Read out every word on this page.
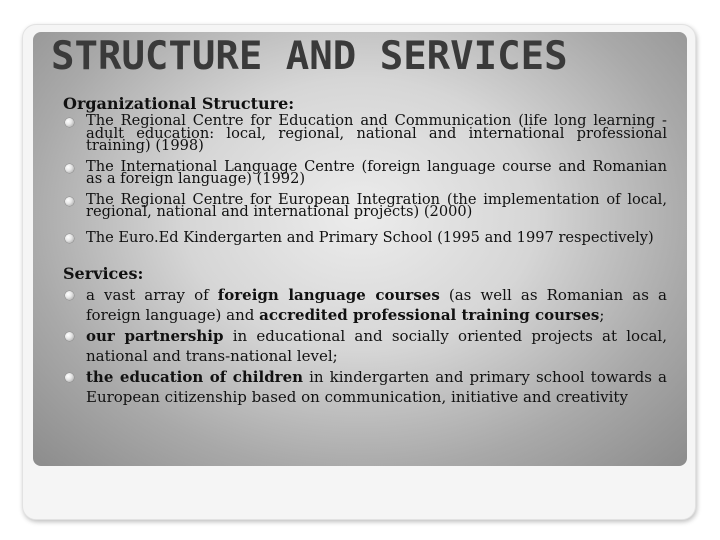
STRUCTURE AND SERVICES
Organizational Structure:
The Regional Centre for Education and Communication (life long learning - adult education: local, regional, national and international professional training) (1998)
The International Language Centre (foreign language course and Romanian as a foreign language) (1992)
The Regional Centre for European Integration (the implementation of local, regional, national and international projects) (2000)
The Euro.Ed Kindergarten and Primary School (1995 and 1997 respectively)
Services:
a vast array of foreign language courses (as well as Romanian as a foreign language) and accredited professional training courses;
our partnership in educational and socially oriented projects at local, national and trans-national level;
the education of children in kindergarten and primary school towards a European citizenship based on communication, initiative and creativity
